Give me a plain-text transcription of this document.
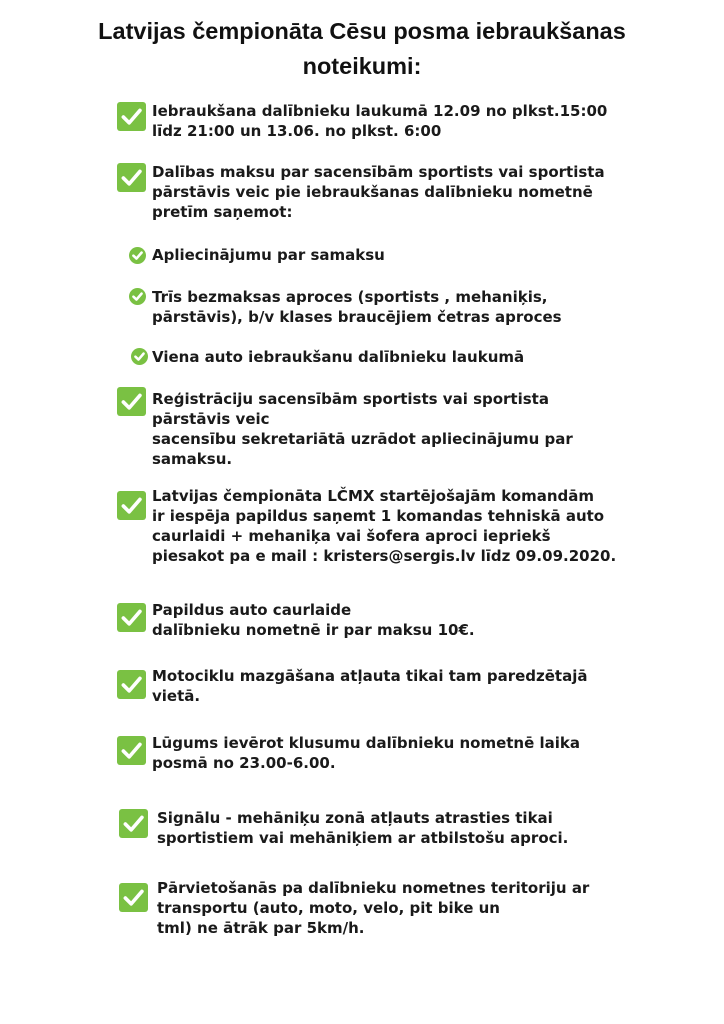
Latvijas čempionāta Cēsu posma iebraukšanas
noteikumi:
Iebraukšana dalībnieku laukumā 12.09 no plkst.15:00
līdz 21:00 un 13.06. no plkst. 6:00
Dalības maksu par sacensībām sportists vai sportista
pārstāvis veic pie iebraukšanas dalībnieku nometnē
pretīm saņemot:
Apliecinājumu par samaksu
Trīs bezmaksas aproces (sportists , mehaniķis,
pārstāvis), b/v klases braucējiem četras aproces
Viena auto iebraukšanu dalībnieku laukumā
Reģistrāciju sacensībām sportists vai sportista
pārstāvis veic
sacensību sekretariātā uzrādot apliecinājumu par
samaksu.
Latvijas čempionāta LČMX startējošajām komandām
ir iespēja papildus saņemt 1 komandas tehniskā auto
caurlaidi + mehaniķa vai šofera aproci iepriekš
piesakot pa e mail : kristers@sergis.lv līdz 09.09.2020.
Papildus auto caurlaide
dalībnieku nometnē ir par maksu 10€.
Motociklu mazgāšana atļauta tikai tam paredzētajā
vietā.
Lūgums ievērot klusumu dalībnieku nometnē laika
posmā no 23.00-6.00.
Signālu - mehāniķu zonā atļauts atrasties tikai
sportistiem vai mehāniķiem ar atbilstošu aproci.
Pārvietošanās pa dalībnieku nometnes teritoriju ar
transportu (auto, moto, velo, pit bike un
tml) ne ātrāk par 5km/h.
